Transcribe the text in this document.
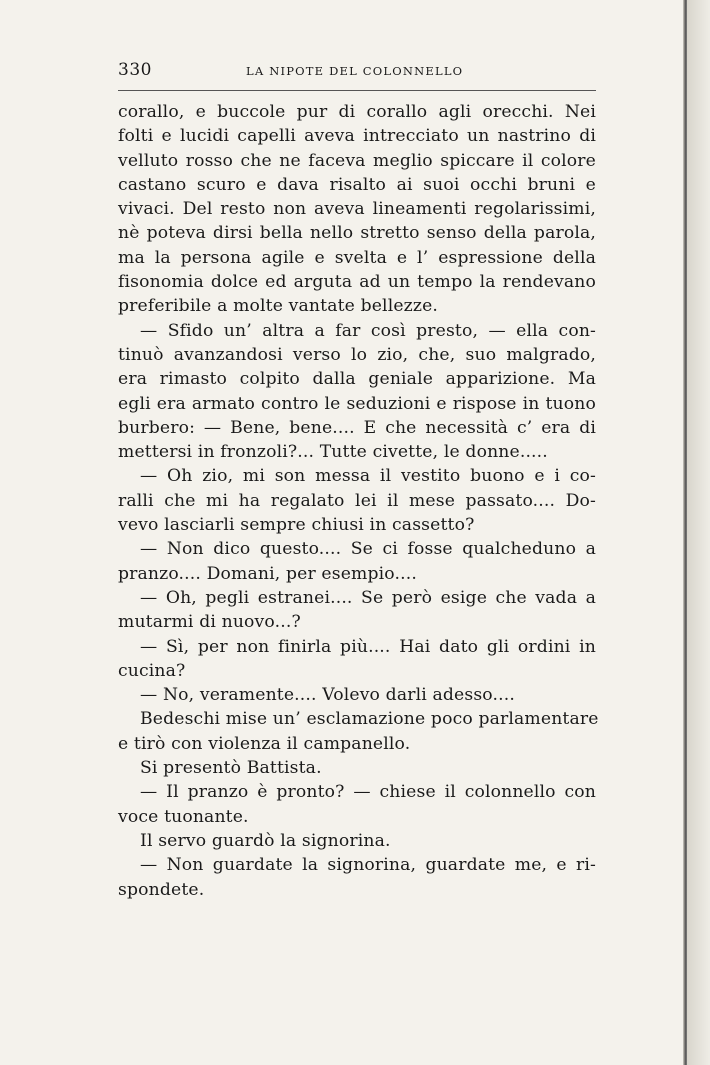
330	LA NIPOTE DEL COLONNELLO
corallo, e buccole pur di corallo agli orecchi. Nei
folti e lucidi capelli aveva intrecciato un nastrino di
velluto rosso che ne faceva meglio spiccare il colore
castano scuro e dava risalto ai suoi occhi bruni e
vivaci. Del resto non aveva lineamenti regolarissimi,
nè poteva dirsi bella nello stretto senso della parola,
ma la persona agile e svelta e l’ espressione della
fisonomia dolce ed arguta ad un tempo la rendevano
preferibile a molte vantate bellezze.
— Sfido un’ altra a far così presto, — ella con-
tinuò avanzandosi verso lo zio, che, suo malgrado,
era rimasto colpito dalla geniale apparizione. Ma
egli era armato contro le seduzioni e rispose in tuono
burbero: — Bene, bene.... E che necessità c’ era di
mettersi in fronzoli?... Tutte civette, le donne.....
— Oh zio, mi son messa il vestito buono e i co-
ralli che mi ha regalato lei il mese passato.... Do-
vevo lasciarli sempre chiusi in cassetto?
— Non dico questo.... Se ci fosse qualcheduno a
pranzo.... Domani, per esempio....
— Oh, pegli estranei.... Se però esige che vada a
mutarmi di nuovo...?
— Sì, per non finirla più.... Hai dato gli ordini in
cucina?
— No, veramente.... Volevo darli adesso....
Bedeschi mise un’ esclamazione poco parlamentare
e tirò con violenza il campanello.
Si presentò Battista.
— Il pranzo è pronto? — chiese il colonnello con
voce tuonante.
Il servo guardò la signorina.
— Non guardate la signorina, guardate me, e ri-
spondete.
